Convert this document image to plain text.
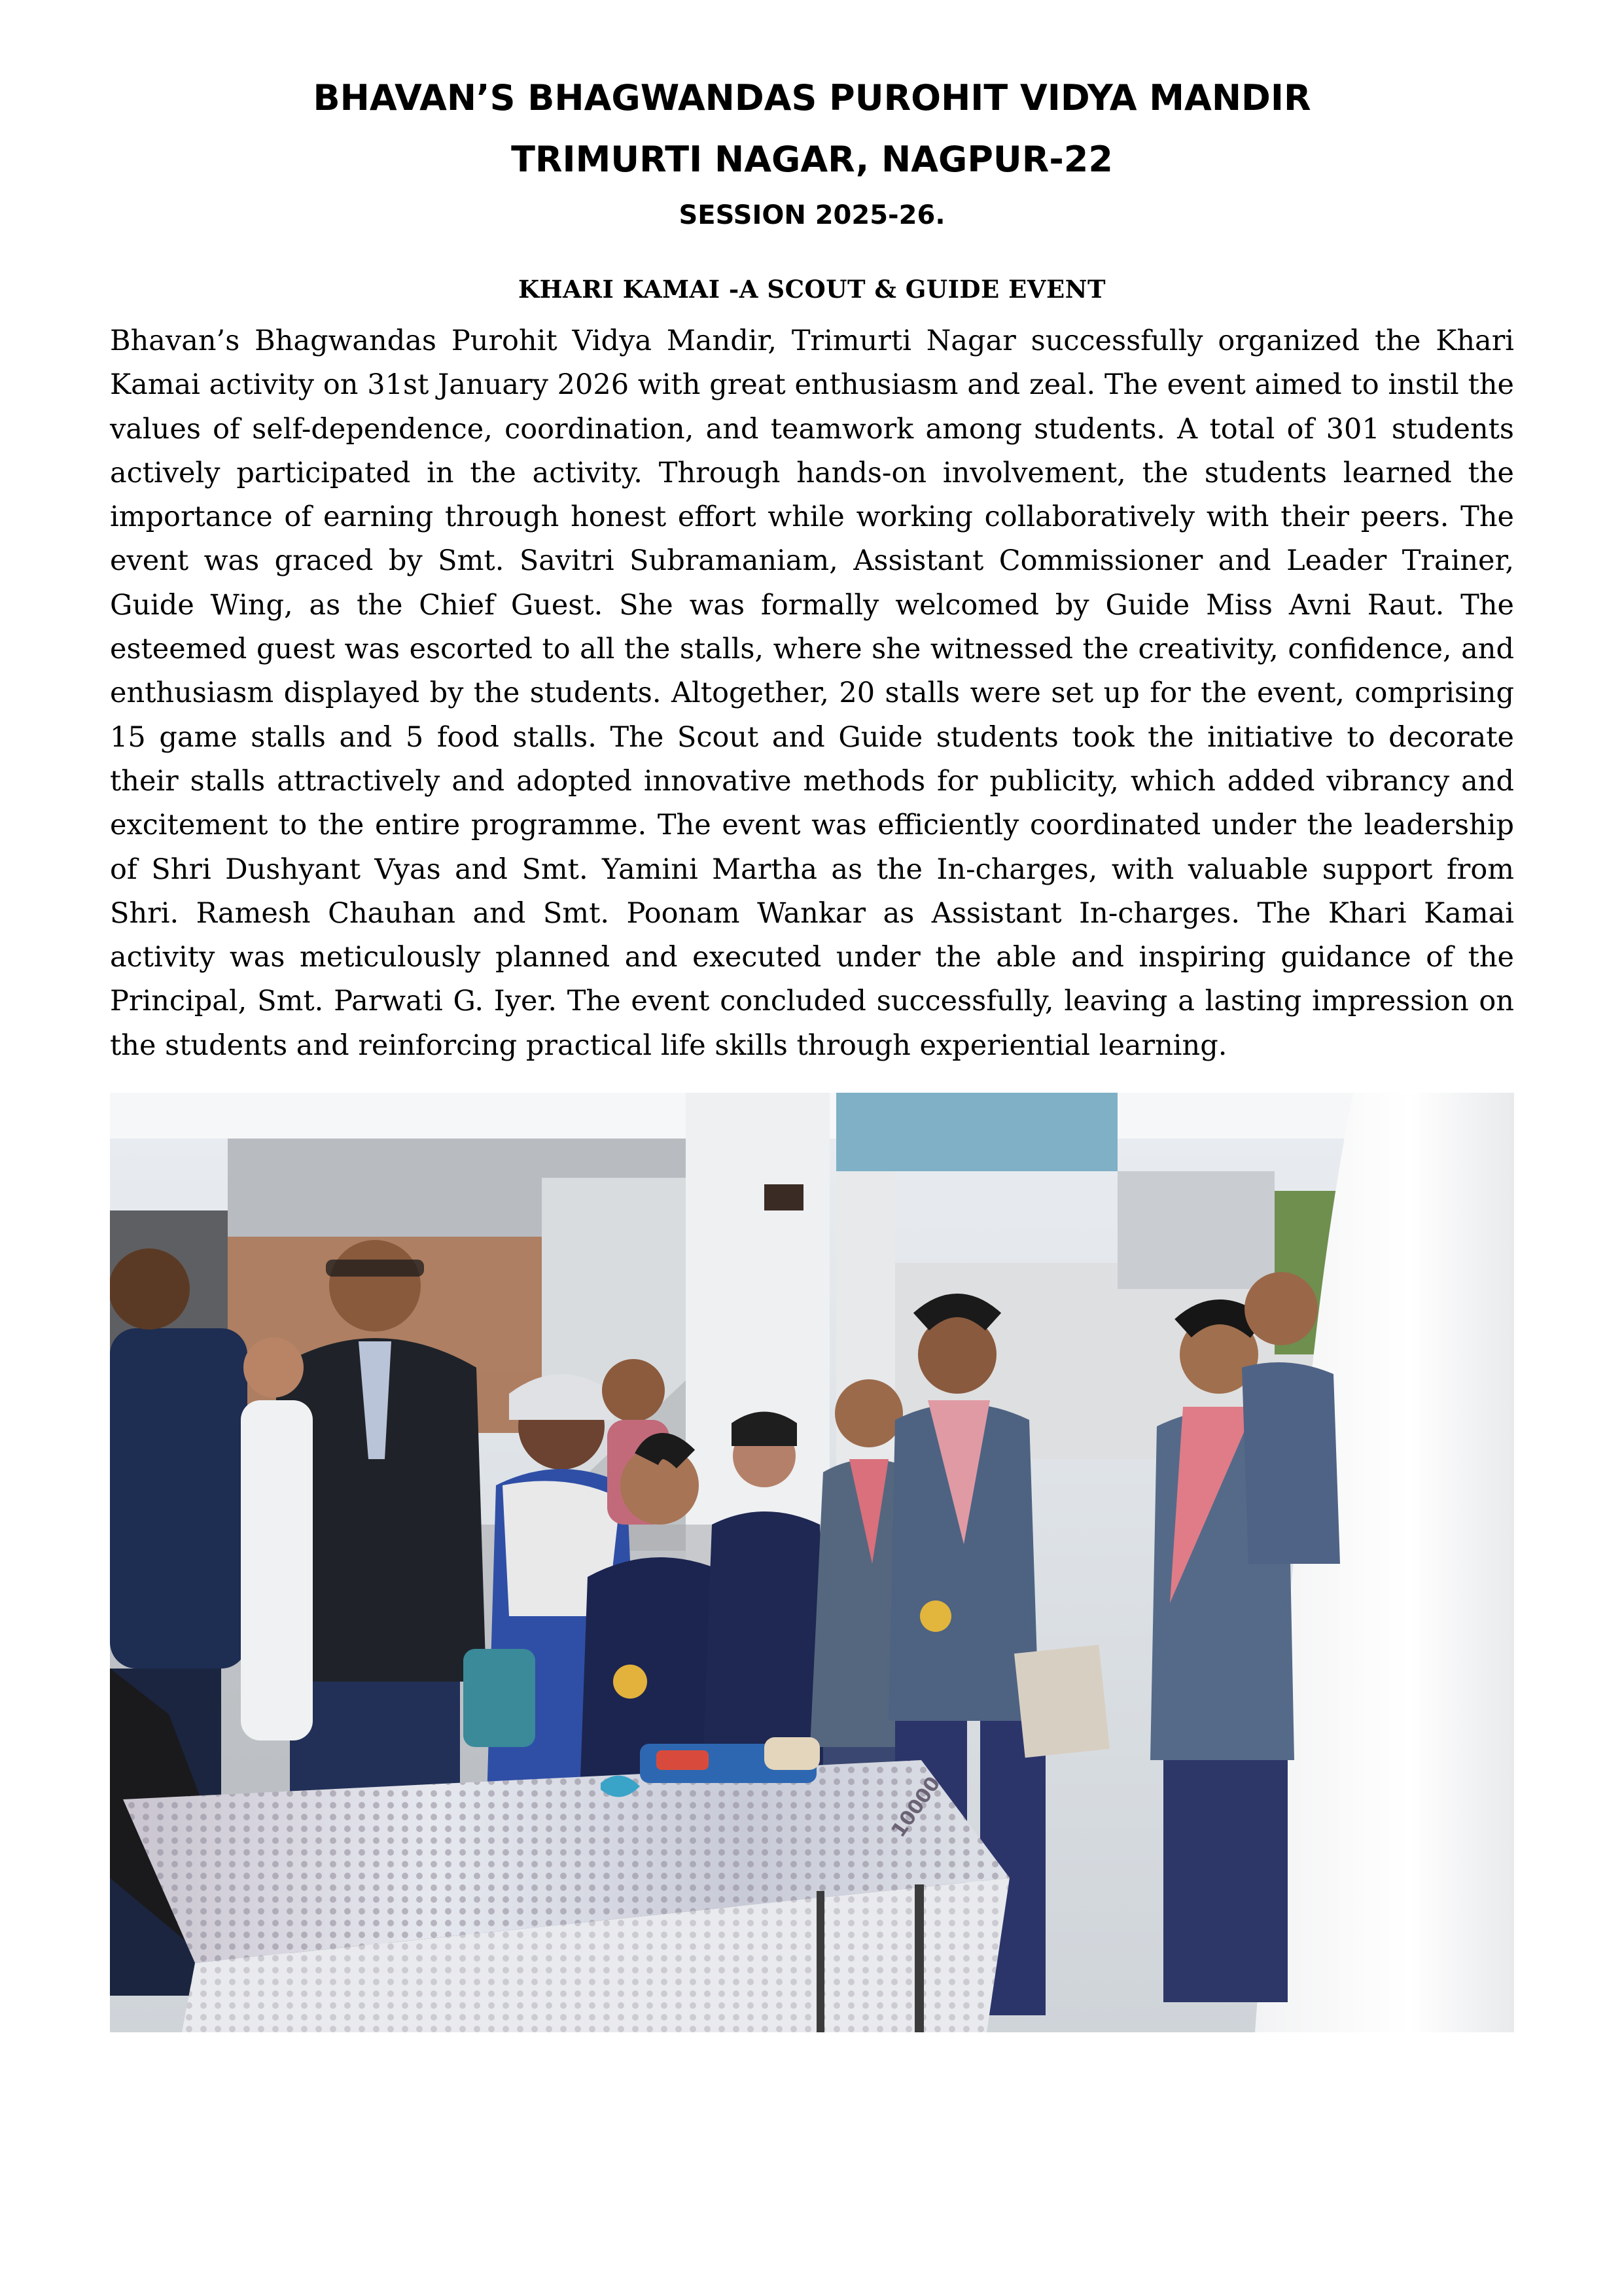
BHAVAN’S BHAGWANDAS PUROHIT VIDYA MANDIR
TRIMURTI NAGAR, NAGPUR-22
SESSION 2025-26.
KHARI KAMAI -A SCOUT & GUIDE EVENT

Bhavan’s Bhagwandas Purohit Vidya Mandir, Trimurti Nagar successfully organized the Khari Kamai activity on 31st January 2026 with great enthusiasm and zeal. The event aimed to instil the values of self-dependence, coordination, and teamwork among students. A total of 301 students actively participated in the activity. Through hands-on involvement, the students learned the importance of earning through honest effort while working collaboratively with their peers. The event was graced by Smt. Savitri Subramaniam, Assistant Commissioner and Leader Trainer, Guide Wing, as the Chief Guest. She was formally welcomed by Guide Miss Avni Raut. The esteemed guest was escorted to all the stalls, where she witnessed the creativity, confidence, and enthusiasm displayed by the students. Altogether, 20 stalls were set up for the event, comprising 15 game stalls and 5 food stalls. The Scout and Guide students took the initiative to decorate their stalls attractively and adopted innovative methods for publicity, which added vibrancy and excitement to the entire programme. The event was efficiently coordinated under the leadership of Shri Dushyant Vyas and Smt. Yamini Martha as the In-charges, with valuable support from Shri. Ramesh Chauhan and Smt. Poonam Wankar as Assistant In-charges. The Khari Kamai activity was meticulously planned and executed under the able and inspiring guidance of the Principal, Smt. Parwati G. Iyer. The event concluded successfully, leaving a lasting impression on the students and reinforcing practical life skills through experiential learning.

10000
